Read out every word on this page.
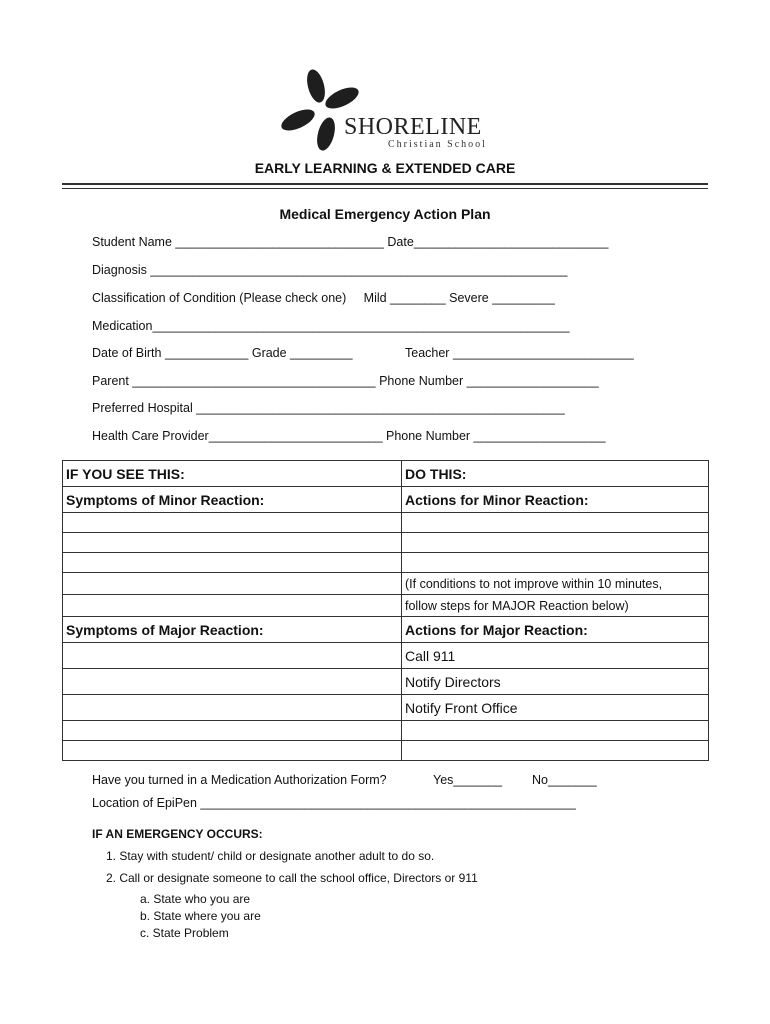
SHORELINE
Christian School
EARLY LEARNING & EXTENDED CARE
Medical Emergency Action Plan
Student Name ______________________________ Date____________________________
Diagnosis ____________________________________________________________
Classification of Condition (Please check one)     Mild ________ Severe _________
Medication____________________________________________________________
Date of Birth ____________ Grade _________	Teacher __________________________
Parent ___________________________________ Phone Number ___________________
Preferred Hospital _____________________________________________________
Health Care Provider_________________________ Phone Number ___________________
IF YOU SEE THIS:	DO THIS:
Symptoms of Minor Reaction:	Actions for Minor Reaction:

	(If conditions to not improve within 10 minutes,
	follow steps for MAJOR Reaction below)
Symptoms of Major Reaction:	Actions for Major Reaction:
	Call 911
	Notify Directors
	Notify Front Office

Have you turned in a Medication Authorization Form?	Yes_______ No_______
Location of EpiPen ______________________________________________________
IF AN EMERGENCY OCCURS:
1. Stay with student/ child or designate another adult to do so.
2. Call or designate someone to call the school office, Directors or 911
a. State who you are
b. State where you are
c. State Problem
